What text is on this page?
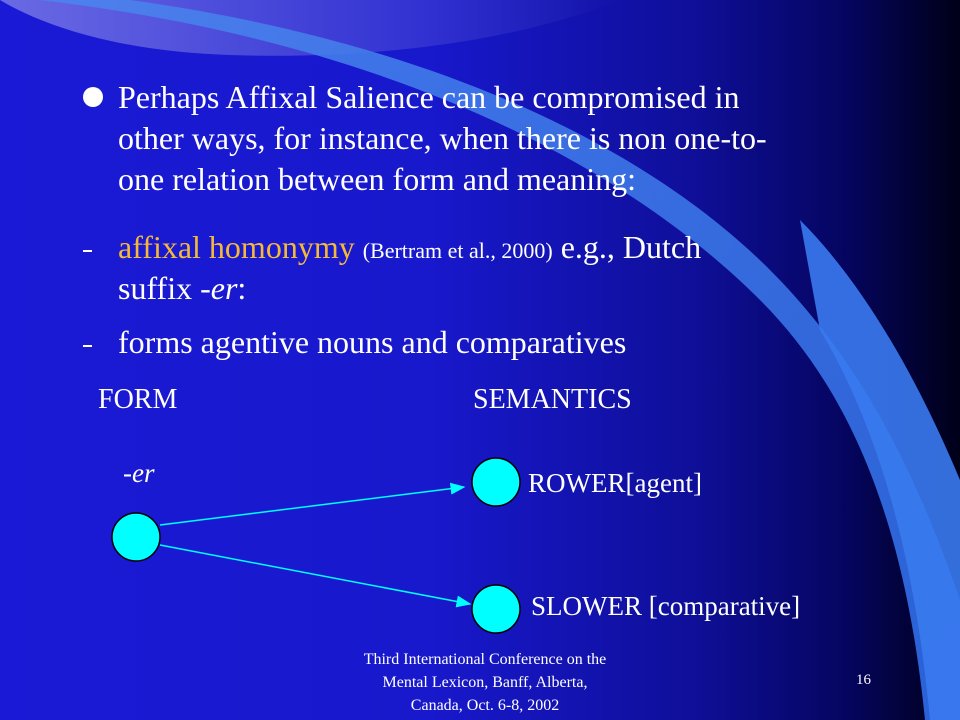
Perhaps Affixal Salience can be compromised in

other ways, for instance, when there is non one-to-

one relation between form and meaning:

affixal homonymy (Bertram et al., 2000) e.g., Dutch

suffix -er:

forms agentive nouns and comparatives

FORM	SEMANTICS
-er	ROWER[agent]
SLOWER [comparative]
Third International Conference on the
Mental Lexicon, Banff, Alberta,
Canada, Oct. 6-8, 2002
16
